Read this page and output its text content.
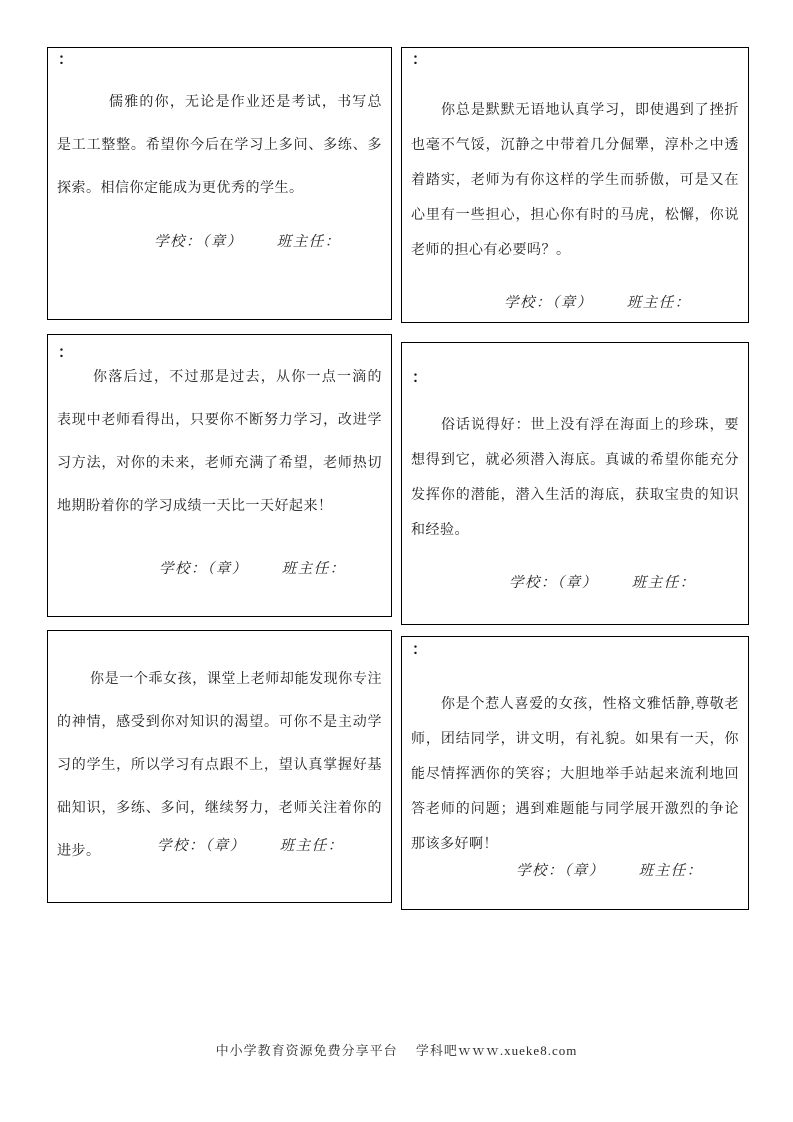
：
儒雅的你，无论是作业还是考试，书写总是工工整整。希望你今后在学习上多问、多练、多探索。相信你定能成为更优秀的学生。
学校：（章） 班主任：
：
你总是默默无语地认真学习，即使遇到了挫折也毫不气馁，沉静之中带着几分倔犟，淳朴之中透着踏实，老师为有你这样的学生而骄傲，可是又在心里有一些担心，担心你有时的马虎，松懈，你说老师的担心有必要吗？。
学校：（章） 班主任：
：
你落后过，不过那是过去，从你一点一滴的表现中老师看得出，只要你不断努力学习，改进学习方法，对你的未来，老师充满了希望，老师热切地期盼着你的学习成绩一天比一天好起来！
学校：（章） 班主任：
：
俗话说得好：世上没有浮在海面上的珍珠，要想得到它，就必须潜入海底。真诚的希望你能充分发挥你的潜能，潜入生活的海底，获取宝贵的知识和经验。
学校：（章） 班主任：
你是一个乖女孩，课堂上老师却能发现你专注的神情，感受到你对知识的渴望。可你不是主动学习的学生，所以学习有点跟不上，望认真掌握好基础知识，多练、多问，继续努力，老师关注着你的进步。	学校：（章） 班主任：
：
你是个惹人喜爱的女孩，性格文雅恬静,尊敬老师，团结同学，讲文明，有礼貌。如果有一天，你能尽情挥洒你的笑容；大胆地举手站起来流利地回答老师的问题；遇到难题能与同学展开激烈的争论那该多好啊！
学校：（章） 班主任：
中小学教育资源免费分享平台　 学科吧ｗｗｗ.xueke8.com
